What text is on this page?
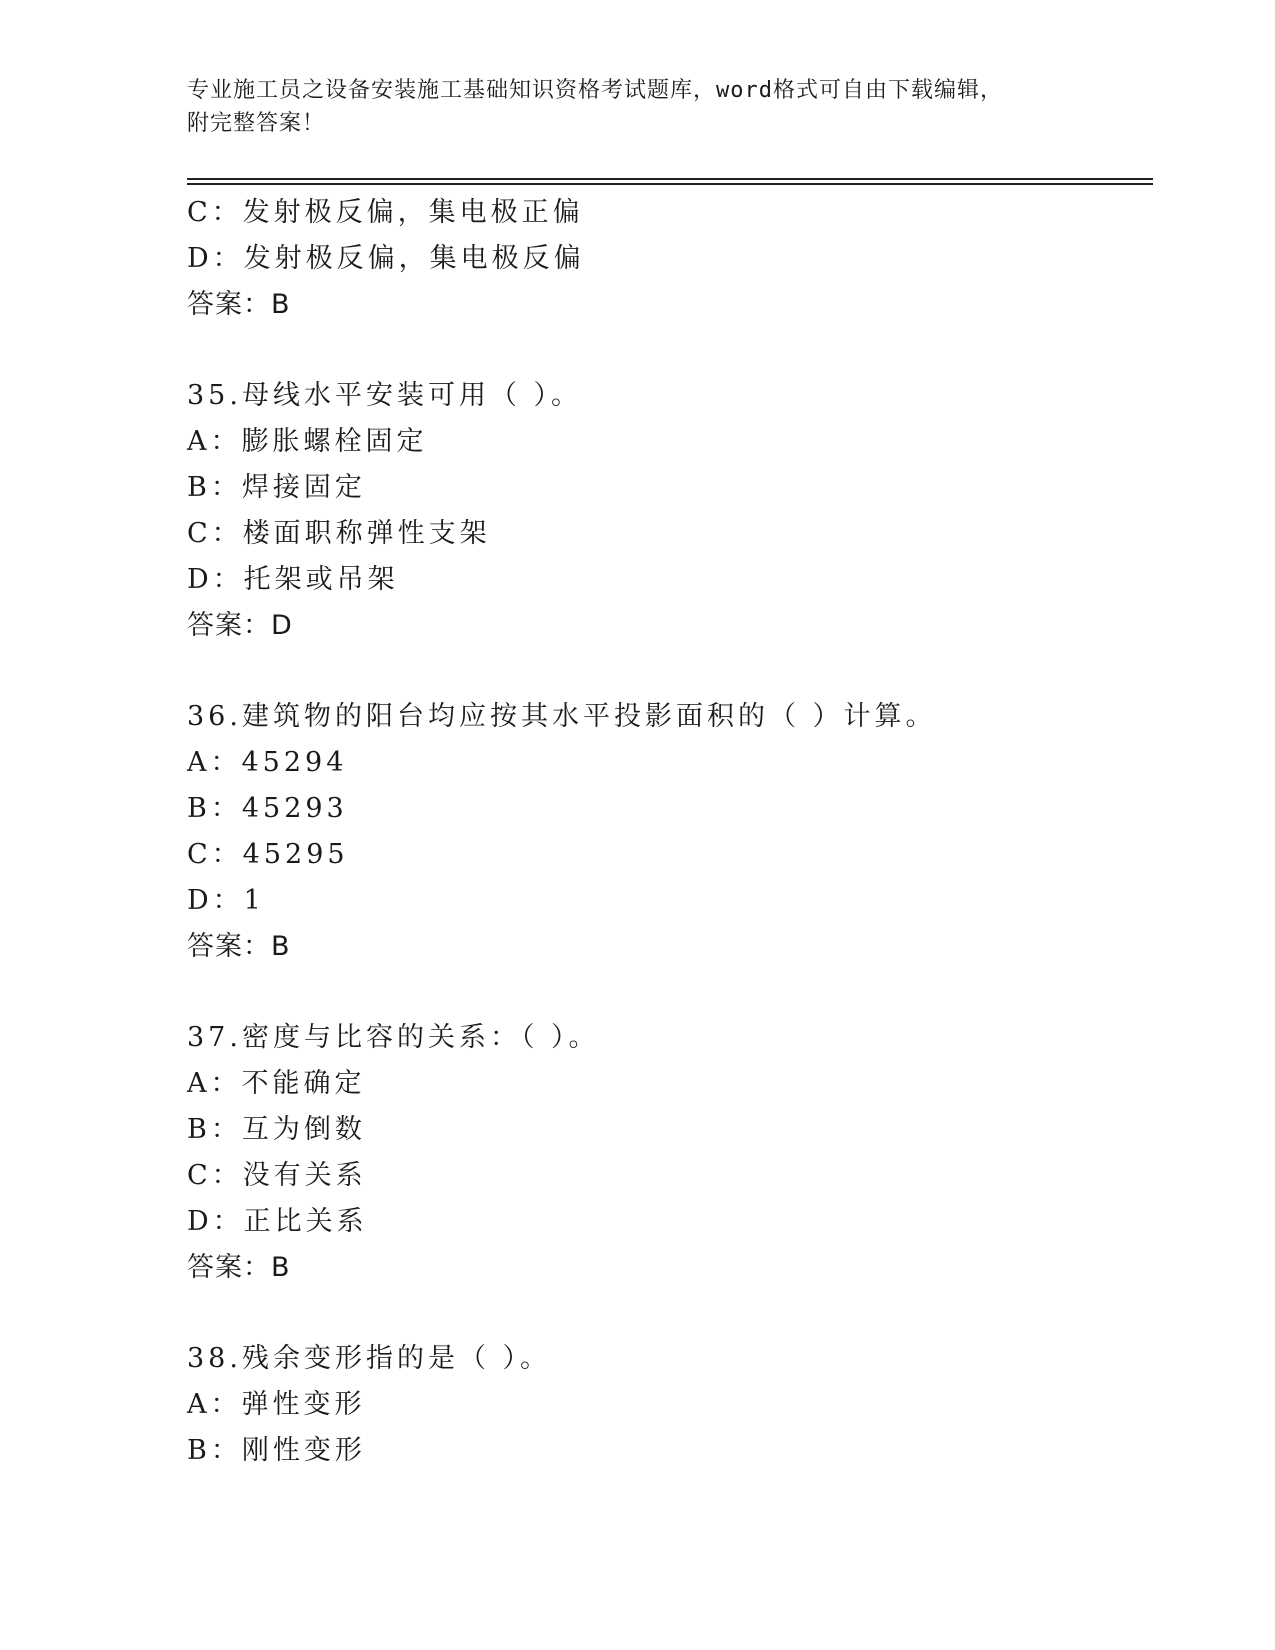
专业施工员之设备安装施工基础知识资格考试题库，word格式可自由下载编辑，
附完整答案！
C：发射极反偏，集电极正偏
D：发射极反偏，集电极反偏
答案：B
35.母线水平安装可用（ ）。
A：膨胀螺栓固定
B：焊接固定
C：楼面职称弹性支架
D：托架或吊架
答案：D
36.建筑物的阳台均应按其水平投影面积的（ ）计算。
A：45294
B：45293
C：45295
D：1
答案：B
37.密度与比容的关系：（ ）。
A：不能确定
B：互为倒数
C：没有关系
D：正比关系
答案：B
38.残余变形指的是（ ）。
A：弹性变形
B：刚性变形
